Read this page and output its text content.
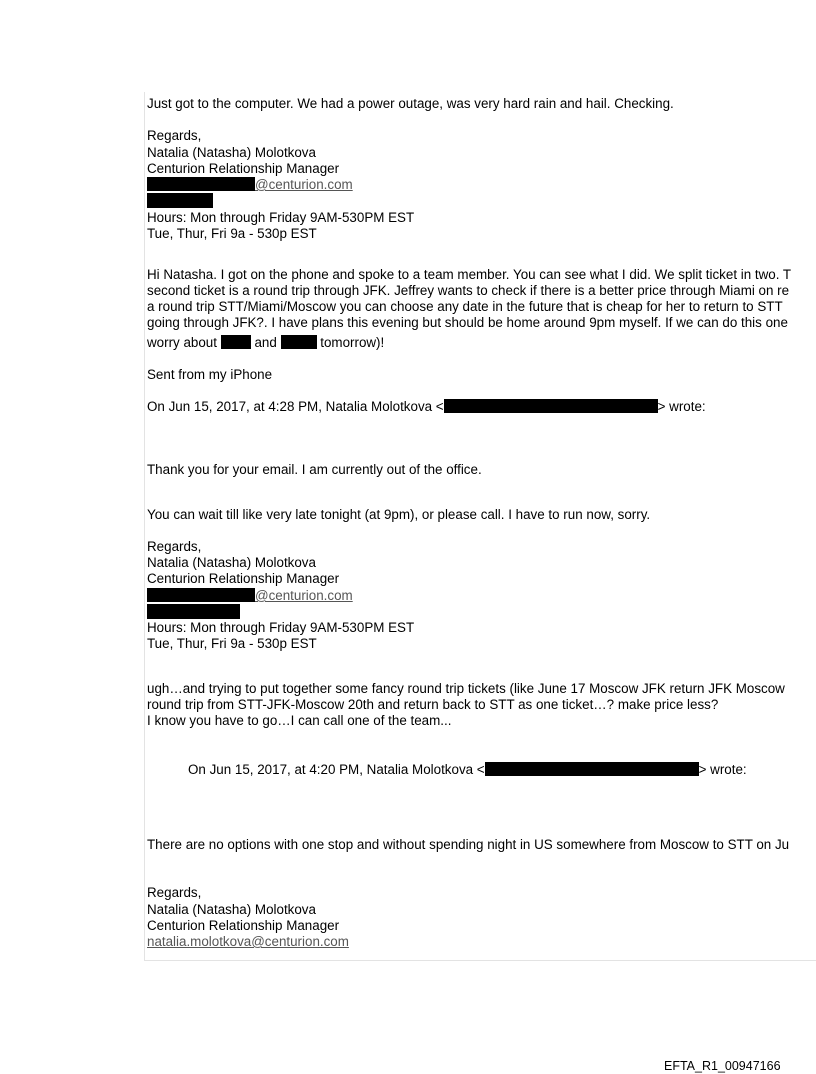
Just got to the computer. We had a power outage, was very hard rain and hail. Checking.
Regards,
Natalia (Natasha) Molotkova
Centurion Relationship Manager
@centurion.com
Hours: Mon through Friday 9AM-530PM EST
Tue, Thur, Fri 9a - 530p EST
Hi Natasha. I got on the phone and spoke to a team member. You can see what I did. We split ticket in two. T
second ticket is a round trip through JFK. Jeffrey wants to check if there is a better price through Miami on re
a round trip STT/Miami/Moscow you can choose any date in the future that is cheap for her to return to STT
going through JFK?. I have plans this evening but should be home around 9pm myself. If we can do this one
worry about	and	tomorrow)!
Sent from my iPhone
On Jun 15, 2017, at 4:28 PM, Natalia Molotkova <	> wrote:
Thank you for your email. I am currently out of the office.
You can wait till like very late tonight (at 9pm), or please call. I have to run now, sorry.
Regards,
Natalia (Natasha) Molotkova
Centurion Relationship Manager
@centurion.com
Hours: Mon through Friday 9AM-530PM EST
Tue, Thur, Fri 9a - 530p EST
ugh…and trying to put together some fancy round trip tickets (like June 17 Moscow JFK return JFK Moscow
round trip from STT-JFK-Moscow 20th and return back to STT as one ticket…? make price less?
I know you have to go…I can call one of the team...
On Jun 15, 2017, at 4:20 PM, Natalia Molotkova <	> wrote:
There are no options with one stop and without spending night in US somewhere from Moscow to STT on Ju
Regards,
Natalia (Natasha) Molotkova
Centurion Relationship Manager
natalia.molotkova@centurion.com
EFTA_R1_00947166
